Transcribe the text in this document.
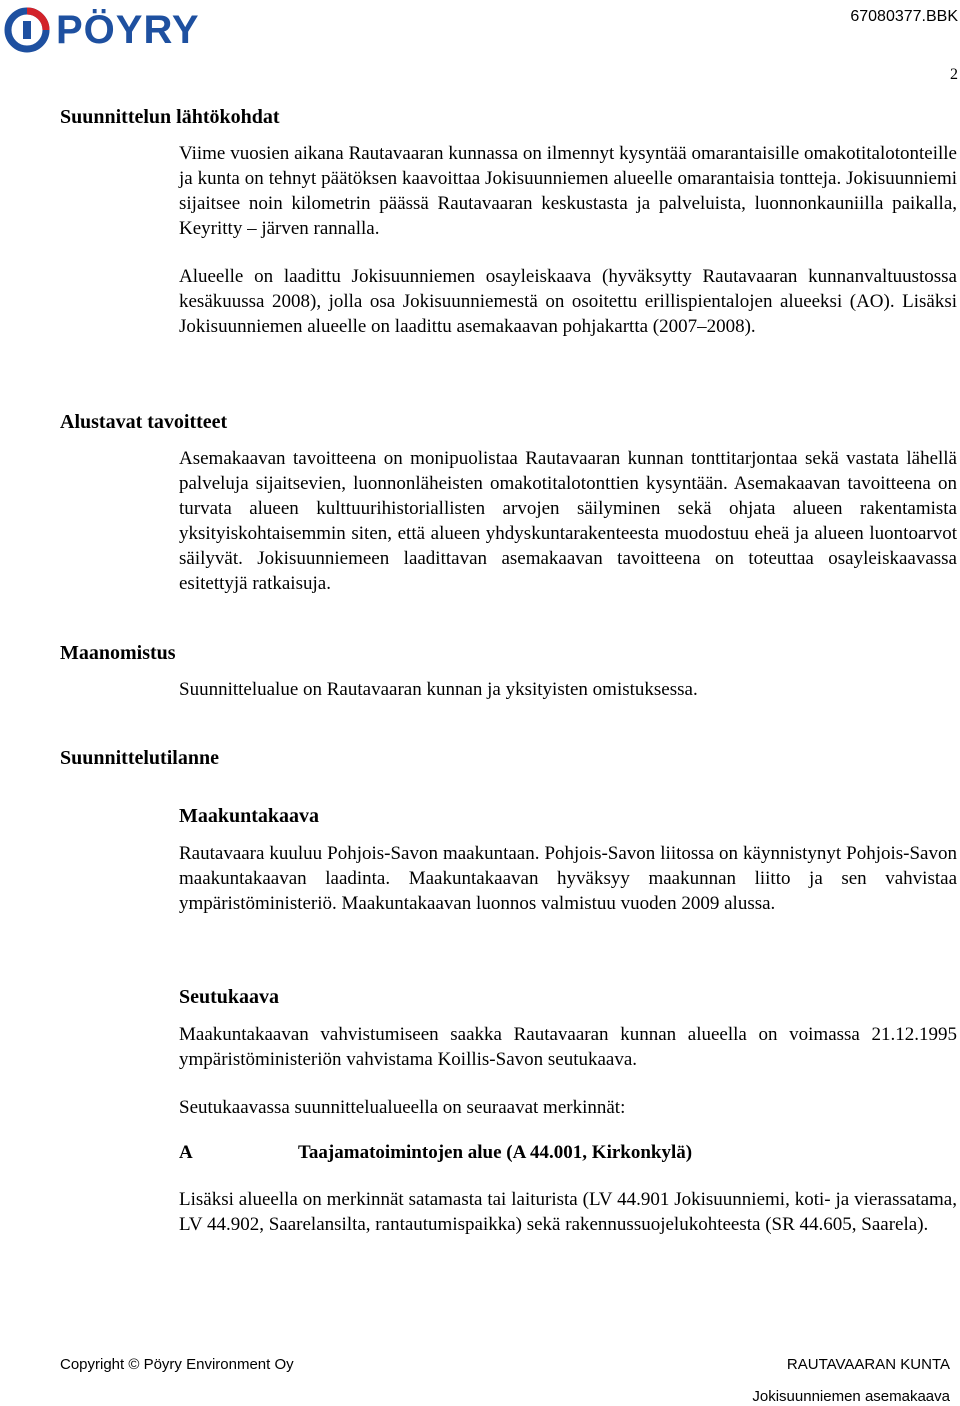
PÖYRY	67080377.BBK
2
Suunnittelun lähtökohdat

Viime vuosien aikana Rautavaaran kunnassa on ilmennyt kysyntää omarantaisille omakotitalotonteille ja kunta on tehnyt päätöksen kaavoittaa Jokisuunniemen alueelle omarantaisia tontteja. Jokisuunniemi sijaitsee noin kilometrin päässä Rautavaaran keskustasta ja palveluista, luonnonkauniilla paikalla, Keyritty – järven rannalla.

Alueelle on laadittu Jokisuunniemen osayleiskaava (hyväksytty Rautavaaran kunnanvaltuustossa kesäkuussa 2008), jolla osa Jokisuunniemestä on osoitettu erillispientalojen alueeksi (AO). Lisäksi Jokisuunniemen alueelle on laadittu asemakaavan pohjakartta (2007–2008).

Alustavat tavoitteet

Asemakaavan tavoitteena on monipuolistaa Rautavaaran kunnan tonttitarjontaa sekä vastata lähellä palveluja sijaitsevien, luonnonläheisten omakotitalotonttien kysyntään. Asemakaavan tavoitteena on turvata alueen kulttuurihistoriallisten arvojen säilyminen sekä ohjata alueen rakentamista yksityiskohtaisemmin siten, että alueen yhdyskuntarakenteesta muodostuu eheä ja alueen luontoarvot säilyvät. Jokisuunniemeen laadittavan asemakaavan tavoitteena on toteuttaa osayleiskaavassa esitettyjä ratkaisuja.

Maanomistus

Suunnittelualue on Rautavaaran kunnan ja yksityisten omistuksessa.

Suunnittelutilanne
Maakuntakaava

Rautavaara kuuluu Pohjois-Savon maakuntaan. Pohjois-Savon liitossa on käynnistynyt Pohjois-Savon maakuntakaavan laadinta. Maakuntakaavan hyväksyy maakunnan liitto ja sen vahvistaa ympäristöministeriö. Maakuntakaavan luonnos valmistuu vuoden 2009 alussa.

Seutukaava

Maakuntakaavan vahvistumiseen saakka Rautavaaran kunnan alueella on voimassa 21.12.1995 ympäristöministeriön vahvistama Koillis-Savon seutukaava.

Seutukaavassa suunnittelualueella on seuraavat merkinnät:

A	Taajamatoimintojen alue (A 44.001, Kirkonkylä)

Lisäksi alueella on merkinnät satamasta tai laiturista (LV 44.901 Jokisuunniemi, koti- ja vierassatama, LV 44.902, Saarelansilta, rantautumispaikka) sekä rakennussuojelukohteesta (SR 44.605, Saarela).

Copyright © Pöyry Environment Oy	RAUTAVAARAN KUNTA
Jokisuunniemen asemakaava
